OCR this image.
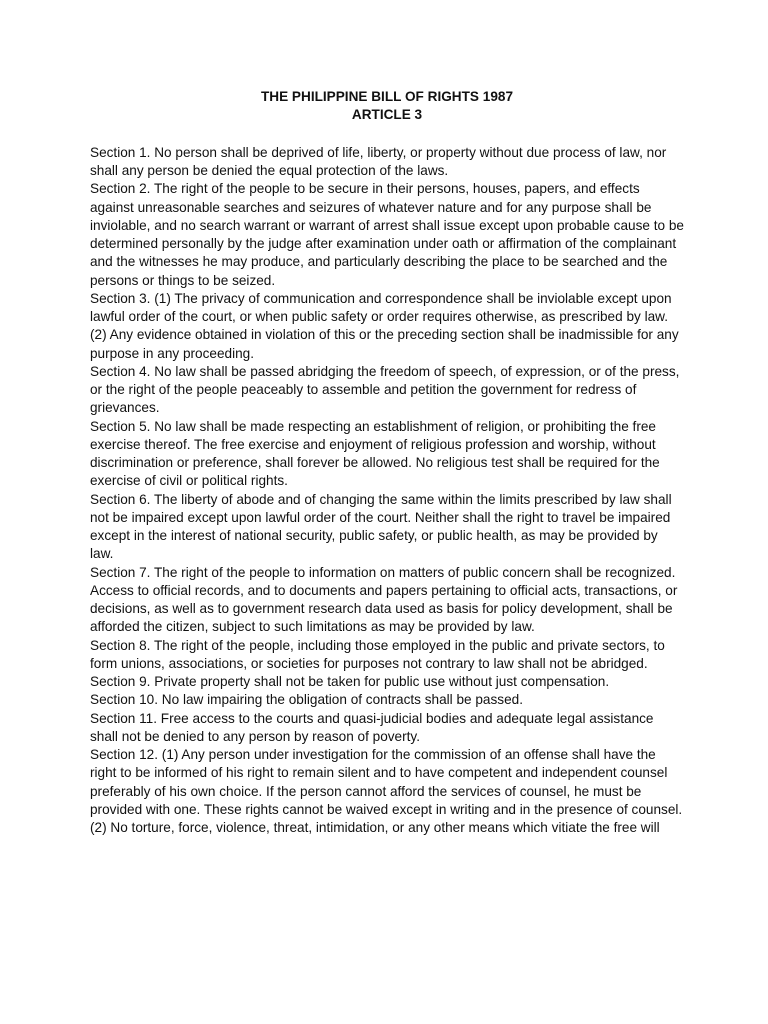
THE PHILIPPINE BILL OF RIGHTS 1987

ARTICLE 3

Section 1. No person shall be deprived of life, liberty, or property without due process of law, nor shall any person be denied the equal protection of the laws.

Section 2. The right of the people to be secure in their persons, houses, papers, and effects against unreasonable searches and seizures of whatever nature and for any purpose shall be inviolable, and no search warrant or warrant of arrest shall issue except upon probable cause to be determined personally by the judge after examination under oath or affirmation of the complainant and the witnesses he may produce, and particularly describing the place to be searched and the persons or things to be seized.

Section 3. (1) The privacy of communication and correspondence shall be inviolable except upon lawful order of the court, or when public safety or order requires otherwise, as prescribed by law.

(2) Any evidence obtained in violation of this or the preceding section shall be inadmissible for any purpose in any proceeding.

Section 4. No law shall be passed abridging the freedom of speech, of expression, or of the press, or the right of the people peaceably to assemble and petition the government for redress of grievances.

Section 5. No law shall be made respecting an establishment of religion, or prohibiting the free exercise thereof. The free exercise and enjoyment of religious profession and worship, without discrimination or preference, shall forever be allowed. No religious test shall be required for the exercise of civil or political rights.

Section 6. The liberty of abode and of changing the same within the limits prescribed by law shall not be impaired except upon lawful order of the court. Neither shall the right to travel be impaired except in the interest of national security, public safety, or public health, as may be provided by law.

Section 7. The right of the people to information on matters of public concern shall be recognized. Access to official records, and to documents and papers pertaining to official acts, transactions, or decisions, as well as to government research data used as basis for policy development, shall be afforded the citizen, subject to such limitations as may be provided by law.

Section 8. The right of the people, including those employed in the public and private sectors, to form unions, associations, or societies for purposes not contrary to law shall not be abridged.

Section 9. Private property shall not be taken for public use without just compensation.

Section 10. No law impairing the obligation of contracts shall be passed.

Section 11. Free access to the courts and quasi-judicial bodies and adequate legal assistance shall not be denied to any person by reason of poverty.

Section 12. (1) Any person under investigation for the commission of an offense shall have the right to be informed of his right to remain silent and to have competent and independent counsel preferably of his own choice. If the person cannot afford the services of counsel, he must be provided with one. These rights cannot be waived except in writing and in the presence of counsel.

(2) No torture, force, violence, threat, intimidation, or any other means which vitiate the free will
